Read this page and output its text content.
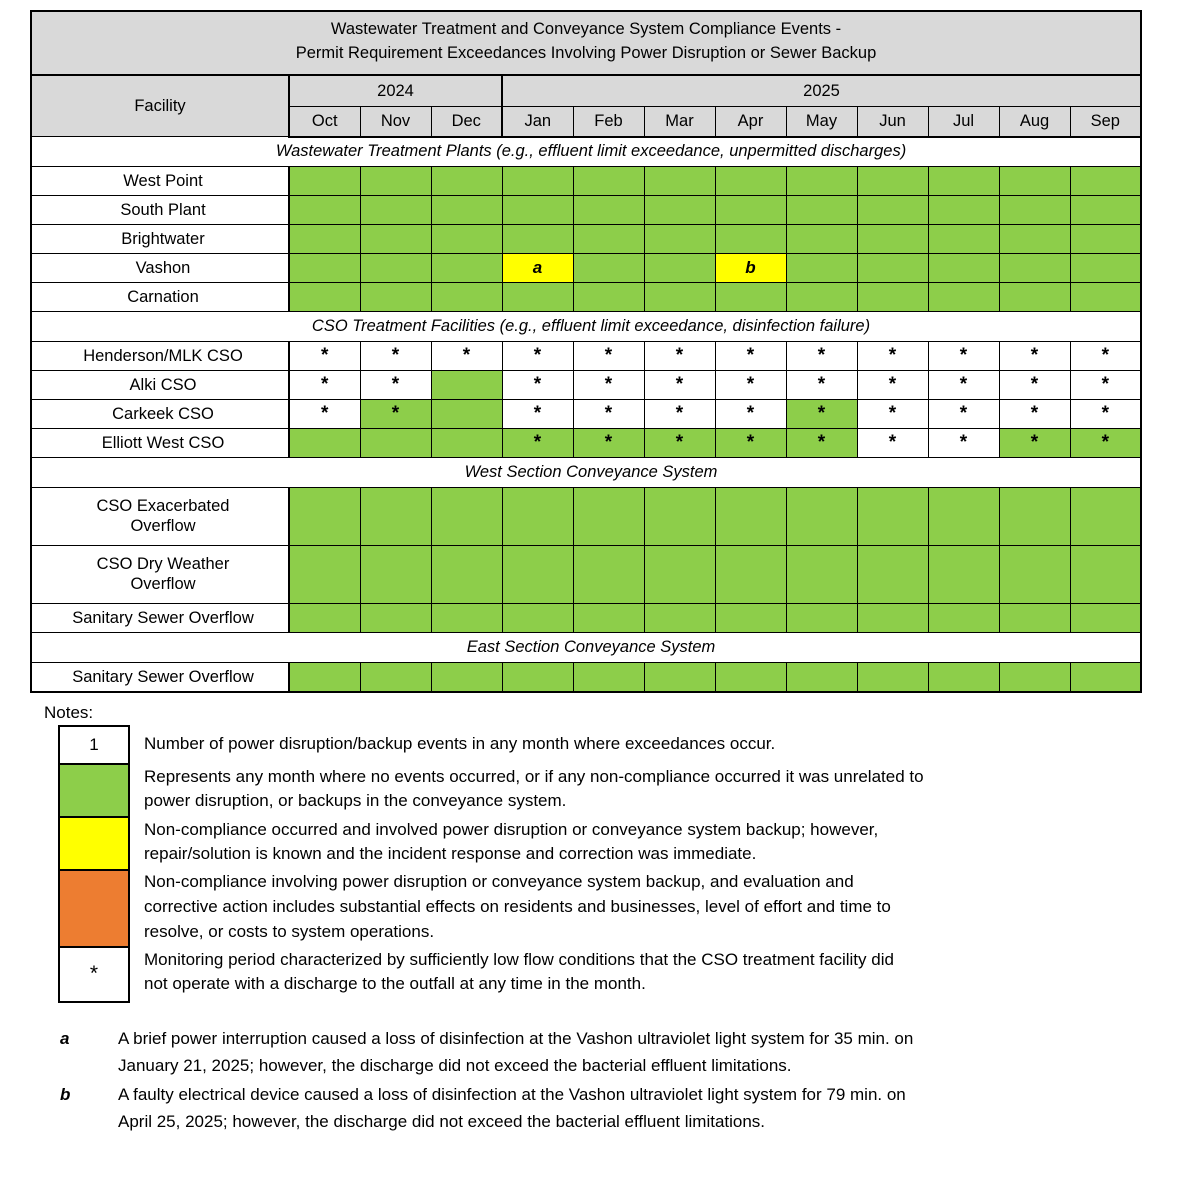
Wastewater Treatment and Conveyance System Compliance Events -
Permit Requirement Exceedances Involving Power Disruption or Sewer Backup												

Facility	2024			2025								
	Oct	Nov	Dec	Jan	Feb	Mar	Apr	May	Jun	Jul	Aug	Sep
Wastewater Treatment Plants (e.g., effluent limit exceedance, unpermitted discharges)												
West Point												
South Plant												
Brightwater												
Vashon				a			b					
Carnation												
CSO Treatment Facilities (e.g., effluent limit exceedance, disinfection failure)												
Henderson/MLK CSO	*	*	*	*	*	*	*	*	*	*	*	*
Alki CSO	*	*		*	*	*	*	*	*	*	*	*
Carkeek CSO	*	*		*	*	*	*	*	*	*	*	*
Elliott West CSO				*	*	*	*	*	*	*	*	*
West Section Conveyance System												
CSO Exacerbated
Overflow												
CSO Dry Weather
Overflow												
Sanitary Sewer Overflow												
East Section Conveyance System												
Sanitary Sewer Overflow												
Notes:
1
*
Number of power disruption/backup events in any month where exceedances occur.
Represents any month where no events occurred, or if any non-compliance occurred it was unrelated to
power disruption, or backups in the conveyance system.
Non-compliance occurred and involved power disruption or conveyance system backup; however,
repair/solution is known and the incident response and correction was immediate.
Non-compliance involving power disruption or conveyance system backup, and evaluation and
corrective action includes substantial effects on residents and businesses, level of effort and time to
resolve, or costs to system operations.
Monitoring period characterized by sufficiently low flow conditions that the CSO treatment facility did
not operate with a discharge to the outfall at any time in the month.
a	A brief power interruption caused a loss of disinfection at the Vashon ultraviolet light system for 35 min. on
January 21, 2025; however, the discharge did not exceed the bacterial effluent limitations.
b	A faulty electrical device caused a loss of disinfection at the Vashon ultraviolet light system for 79 min. on
April 25, 2025; however, the discharge did not exceed the bacterial effluent limitations.
